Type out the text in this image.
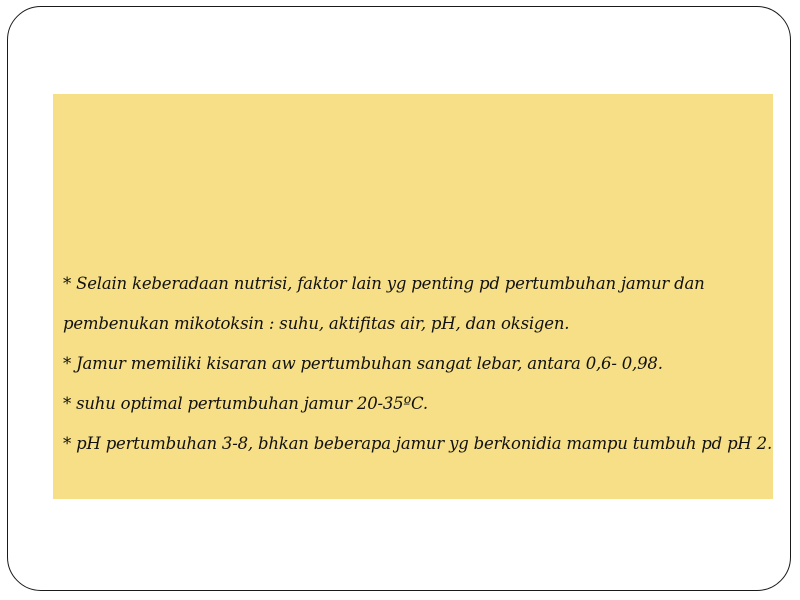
* Selain keberadaan nutrisi, faktor lain yg penting pd pertumbuhan jamur dan
pembenukan mikotoksin : suhu, aktifitas air, pH, dan oksigen.
* Jamur memiliki kisaran aw pertumbuhan sangat lebar, antara 0,6- 0,98.
* suhu optimal pertumbuhan jamur 20-35ºC.
* pH pertumbuhan 3-8, bhkan beberapa jamur yg berkonidia mampu tumbuh pd pH 2.
